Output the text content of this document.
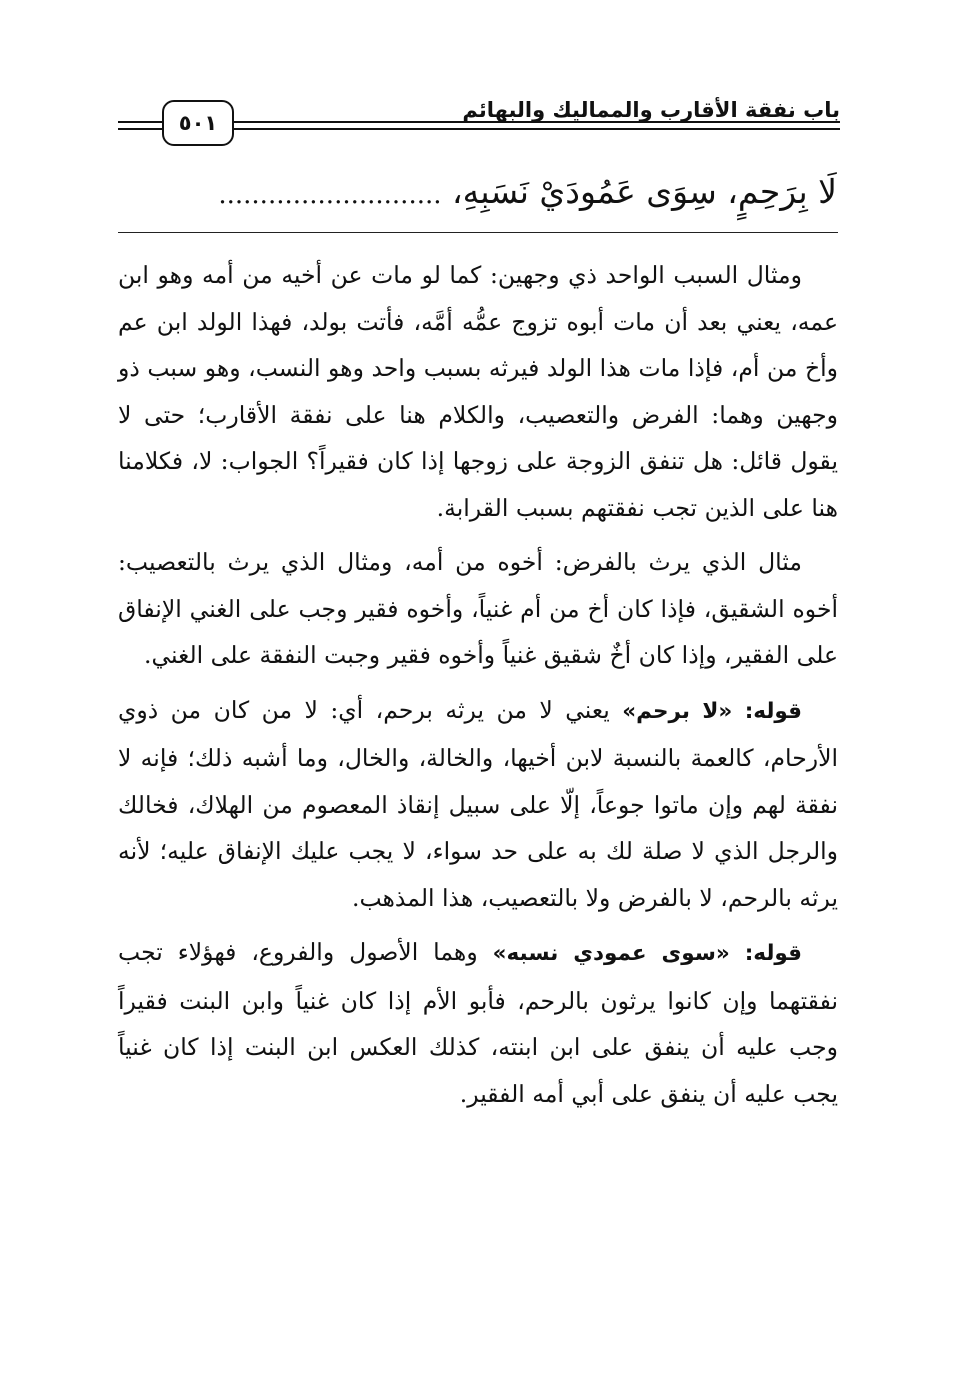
باب نفقة الأقارب والمماليك والبهائم
٥٠١
لَا بِرَحِمٍ، سِوَى عَمُودَيْ نَسَبِهِ، ...........................

ومثال السبب الواحد ذي وجهين: كما لو مات عن أخيه من أمه وهو ابن عمه، يعني بعد أن مات أبوه تزوج عمُّه أمَّه، فأتت بولد، فهذا الولد ابن عم وأخ من أم، فإذا مات هذا الولد فيرثه بسبب واحد وهو النسب، وهو سبب ذو وجهين وهما: الفرض والتعصيب، والكلام هنا على نفقة الأقارب؛ حتى لا يقول قائل: هل تنفق الزوجة على زوجها إذا كان فقيراً؟ الجواب: لا، فكلامنا هنا على الذين تجب نفقتهم بسبب القرابة.

مثال الذي يرث بالفرض: أخوه من أمه، ومثال الذي يرث بالتعصيب: أخوه الشقيق، فإذا كان أخ من أم غنياً، وأخوه فقير وجب على الغني الإنفاق على الفقير، وإذا كان أخٌ شقيق غنياً وأخوه فقير وجبت النفقة على الغني.

قوله: «لا برحم» يعني لا من يرثه برحم، أي: لا من كان من ذوي الأرحام، كالعمة بالنسبة لابن أخيها، والخالة، والخال، وما أشبه ذلك؛ فإنه لا نفقة لهم وإن ماتوا جوعاً، إلّا على سبيل إنقاذ المعصوم من الهلاك، فخالك والرجل الذي لا صلة لك به على حد سواء، لا يجب عليك الإنفاق عليه؛ لأنه يرثه بالرحم، لا بالفرض ولا بالتعصيب، هذا المذهب.

قوله: «سوى عمودي نسبه» وهما الأصول والفروع، فهؤلاء تجب نفقتهما وإن كانوا يرثون بالرحم، فأبو الأم إذا كان غنياً وابن البنت فقيراً وجب عليه أن ينفق على ابن ابنته، كذلك العكس ابن البنت إذا كان غنياً يجب عليه أن ينفق على أبي أمه الفقير.
